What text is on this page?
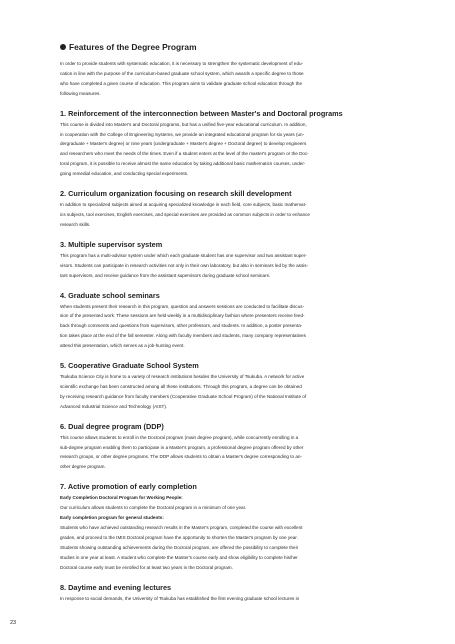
Features of the Degree Program

In order to provide students with systematic education, it is necessary to strengthen the systematic development of edu-
cation in line with the purpose of the curriculum-based graduate school system, which awards a specific degree to those
who have completed a given course of education. This program aims to validate graduate school education through the
following measures.

1. Reinforcement of the interconnection between Master's and Doctoral programs

This course is divided into Master's and Doctoral programs, but has a unified five-year educational curriculum. In addition,
in cooperation with the College of Engineering Systems, we provide an integrated educational program for six years (un-
dergraduate + Master's degree) or nine years (undergraduate + Master's degree + Doctoral degree) to develop engineers
and researchers who meet the needs of the times. Even if a student enters at the level of the master's program or the Doc-
toral program, it is possible to receive almost the same education by taking additional basic mathematics courses, under-
going remedial education, and conducting special experiments.

2. Curriculum organization focusing on research skill development

In addition to specialized subjects aimed at acquiring specialized knowledge in each field, core subjects, basic mathemat-
ics subjects, tool exercises, English exercises, and special exercises are provided as common subjects in order to enhance
research skills.

3. Multiple supervisor system

This program has a multi-advisor system under which each graduate student has one supervisor and two assistant super-
visors. Students can participate in research activities not only in their own laboratory, but also in seminars led by the assis-
tant supervisors, and receive guidance from the assistant supervisors during graduate school seminars.

4. Graduate school seminars

When students present their research in this program, question and answers sessions are conducted to facilitate discus-
sion of the presented work. These sessions are held weekly in a multidisciplinary fashion where presenters receive feed-
back through comments and questions from supervisors, other professors, and students. In addition, a poster presenta-
tion takes place at the end of the fall semester. Along with faculty members and students, many company representatives
attend this presentation, which serves as a job-hunting event.

5. Cooperative Graduate School System

Tsukuba Science City is home to a variety of research institutions besides the University of Tsukuba. A network for active
scientific exchange has been constructed among all these institutions. Through this program, a degree can be obtained
by receiving research guidance from faculty members (Cooperative Graduate School Program) of the National Institute of
Advanced Industrial Science and Technology (AIST).

6. Dual degree program (DDP)

This course allows students to enroll in the Doctoral program (main degree program), while concurrently enrolling in a
sub-degree program enabling them to participate in a Master's program, a professional degree program offered by other
research groups, or other degree programs. The DDP allows students to obtain a Master's degree corresponding to an-
other degree program.

7. Active promotion of early completion

Early Completion Doctoral Program for Working People:
Our curriculum allows students to complete the Doctoral program in a minimum of one year.
Early completion program for general students:
Students who have achieved outstanding research results in the Master's program, completed the course with excellent
grades, and proceed to the IMIS Doctoral program have the opportunity to shorten the Master's program by one year.
Students showing outstanding achievements during the Doctoral program, are offered the possibility to complete their
studies in one year at least. A student who complete the Master's course early and show eligibility to complete his/her
Doctoral course early must be enrolled for at least two years in the Doctoral program.

8. Daytime and evening lectures

In response to social demands, the University of Tsukuba has established the first evening graduate school lectures in

23
